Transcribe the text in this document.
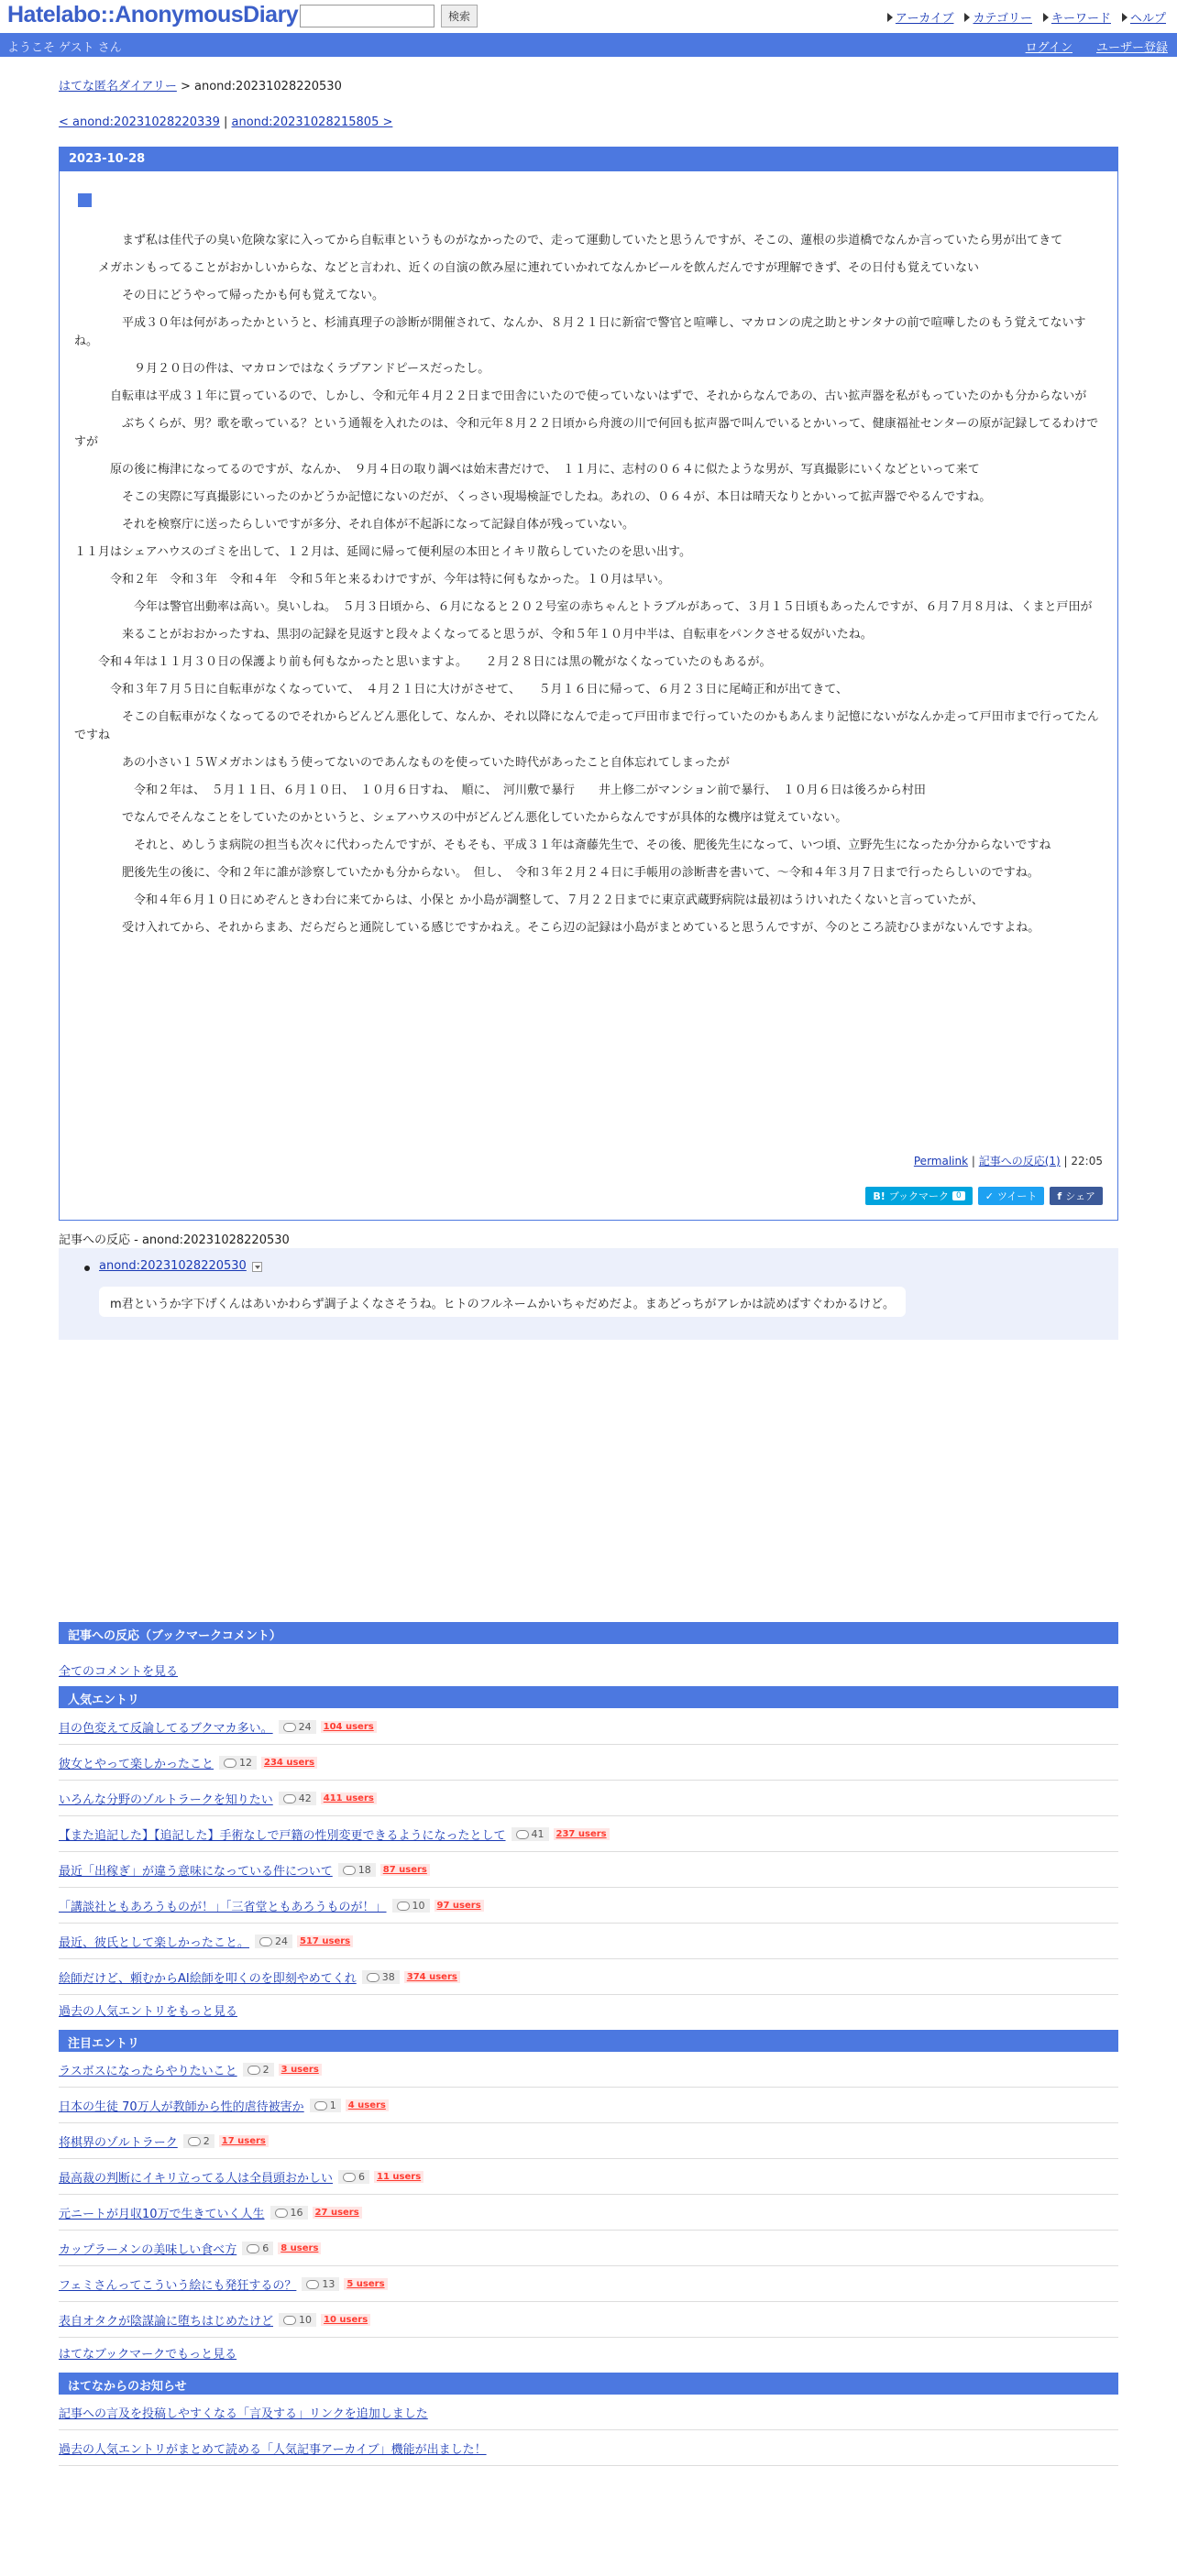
Hatelabo::AnonymousDiary	検索	アーカイブ カテゴリー キーワード ヘルプ
ようこそ ゲスト さん	ログイン ユーザー登録
はてな匿名ダイアリー > anond:20231028220530
< anond:20231028220339 | anond:20231028215805 >
2023-10-28

　　　　まず私は佳代子の臭い危険な家に入ってから自転車というものがなかったので、走って運動していたと思うんですが、そこの、蓮根の歩道橋でなんか言っていたら男が出てきて

　　メガホンもってることがおかしいからな、などと言われ、近くの自演の飲み屋に連れていかれてなんかビールを飲んだんですが理解できず、その日付も覚えていない

　　　　その日にどうやって帰ったかも何も覚えてない。

　　　　平成３０年は何があったかというと、杉浦真理子の診断が開催されて、なんか、８月２１日に新宿で警官と喧嘩し、マカロンの虎之助とサンタナの前で喧嘩したのもう覚えてないすね。

　　　　　９月２０日の件は、マカロンではなくラプアンドピースだったし。

　　　自転車は平成３１年に買っているので、しかし、令和元年４月２２日まで田舎にいたので使っていないはずで、それからなんであの、古い拡声器を私がもっていたのかも分からないが

　　　　ぶちくらが、男？歌を歌っている？という通報を入れたのは、令和元年８月２２日頃から舟渡の川で何回も拡声器で叫んでいるとかいって、健康福祉センターの原が記録してるわけですが

　　　原の後に梅津になってるのですが、なんか、　９月４日の取り調べは始末書だけで、　１１月に、志村の０６４に似たような男が、写真撮影にいくなどといって来て

　　　　そこの実際に写真撮影にいったのかどうか記憶にないのだが、くっさい現場検証でしたね。あれの、０６４が、本日は晴天なりとかいって拡声器でやるんですね。

　　　　それを検察庁に送ったらしいですが多分、それ自体が不起訴になって記録自体が残っていない。

１１月はシェアハウスのゴミを出して、１２月は、延岡に帰って便利屋の本田とイキリ散らしていたのを思い出す。

　　　令和２年　令和３年　令和４年　令和５年と来るわけですが、今年は特に何もなかった。１０月は早い。

　　　　　今年は警官出動率は高い。臭いしね。　５月３日頃から、６月になると２０２号室の赤ちゃんとトラブルがあって、３月１５日頃もあったんですが、６月７月８月は、くまと戸田が

　　　　来ることがおおかったすね、黒羽の記録を見返すと段々よくなってると思うが、令和５年１０月中半は、自転車をパンクさせる奴がいたね。

　　令和４年は１１月３０日の保護より前も何もなかったと思いますよ。　　２月２８日には黒の靴がなくなっていたのもあるが。

　　　令和３年７月５日に自転車がなくなっていて、　４月２１日に大けがさせて、　　５月１６日に帰って、６月２３日に尾崎正和が出てきて、

　　　　そこの自転車がなくなってるのでそれからどんどん悪化して、なんか、それ以降になんで走って戸田市まで行っていたのかもあんまり記憶にないがなんか走って戸田市まで行ってたんですね

　　　　あの小さい１５Ｗメガホンはもう使ってないのであんなものを使っていた時代があったこと自体忘れてしまったが

　　　　　令和２年は、　５月１１日、６月１０日、　１０月６日すね、　順に、　河川敷で暴行　　井上修二がマンション前で暴行、　１０月６日は後ろから村田

　　　　でなんでそんなことをしていたのかというと、シェアハウスの中がどんどん悪化していたからなんですが具体的な機序は覚えていない。

　　　　　それと、めしうま病院の担当も次々に代わったんですが、そもそも、平成３１年は斎藤先生で、その後、肥後先生になって、いつ頃、立野先生になったか分からないですね

　　　　肥後先生の後に、令和２年に誰が診察していたかも分からない。　但し、　令和３年２月２４日に手帳用の診断書を書いて、〜令和４年３月７日まで行ったらしいのですね。

　　　　　令和４年６月１０日にめぞんときわ台に来てからは、小保と か小島が調整して、７月２２日までに東京武蔵野病院は最初はうけいれたくないと言っていたが、

　　　　受け入れてから、それからまあ、だらだらと通院している感じですかねえ。そこら辺の記録は小島がまとめていると思うんですが、今のところ読むひまがないんですよね。

Permalink | 記事への反応(1) | 22:05
B! ブックマーク 0	✓ ツイート f シェア
記事への反応 - anond:20231028220530
anond:20231028220530
m君というか字下げくんはあいかわらず調子よくなさそうね。ヒトのフルネームかいちゃだめだよ。まあどっちがアレかは読めばすぐわかるけど。
記事への反応（ブックマークコメント）
全てのコメントを見る
人気エントリ
目の色変えて反論してるブクマカ多い。	24	104 users
彼女とやって楽しかったこと	12	234 users
いろんな分野のゾルトラークを知りたい	42	411 users
【また追記した】【追記した】手術なしで戸籍の性別変更できるようになったとして	41	237 users
最近「出稼ぎ」が違う意味になっている件について	18	87 users
「講談社ともあろうものが！」「三省堂ともあろうものが！」	10	97 users
最近、彼氏として楽しかったこと。	24	517 users
絵師だけど、頼むからAI絵師を叩くのを即刻やめてくれ	38	374 users
過去の人気エントリをもっと見る
注目エントリ
ラスボスになったらやりたいこと	2	3 users
日本の生徒 70万人が教師から性的虐待被害か	1	4 users
将棋界のゾルトラーク	2	17 users
最高裁の判断にイキリ立ってる人は全員頭おかしい	6	11 users
元ニートが月収10万で生きていく人生	16	27 users
カップラーメンの美味しい食べ方	6	8 users
フェミさんってこういう絵にも発狂するの？	13	5 users
表自オタクが陰謀論に堕ちはじめたけど	10	10 users
はてなブックマークでもっと見る
はてなからのお知らせ
記事への言及を投稿しやすくなる「言及する」リンクを追加しました
過去の人気エントリがまとめて読める「人気記事アーカイブ」機能が出ました！
